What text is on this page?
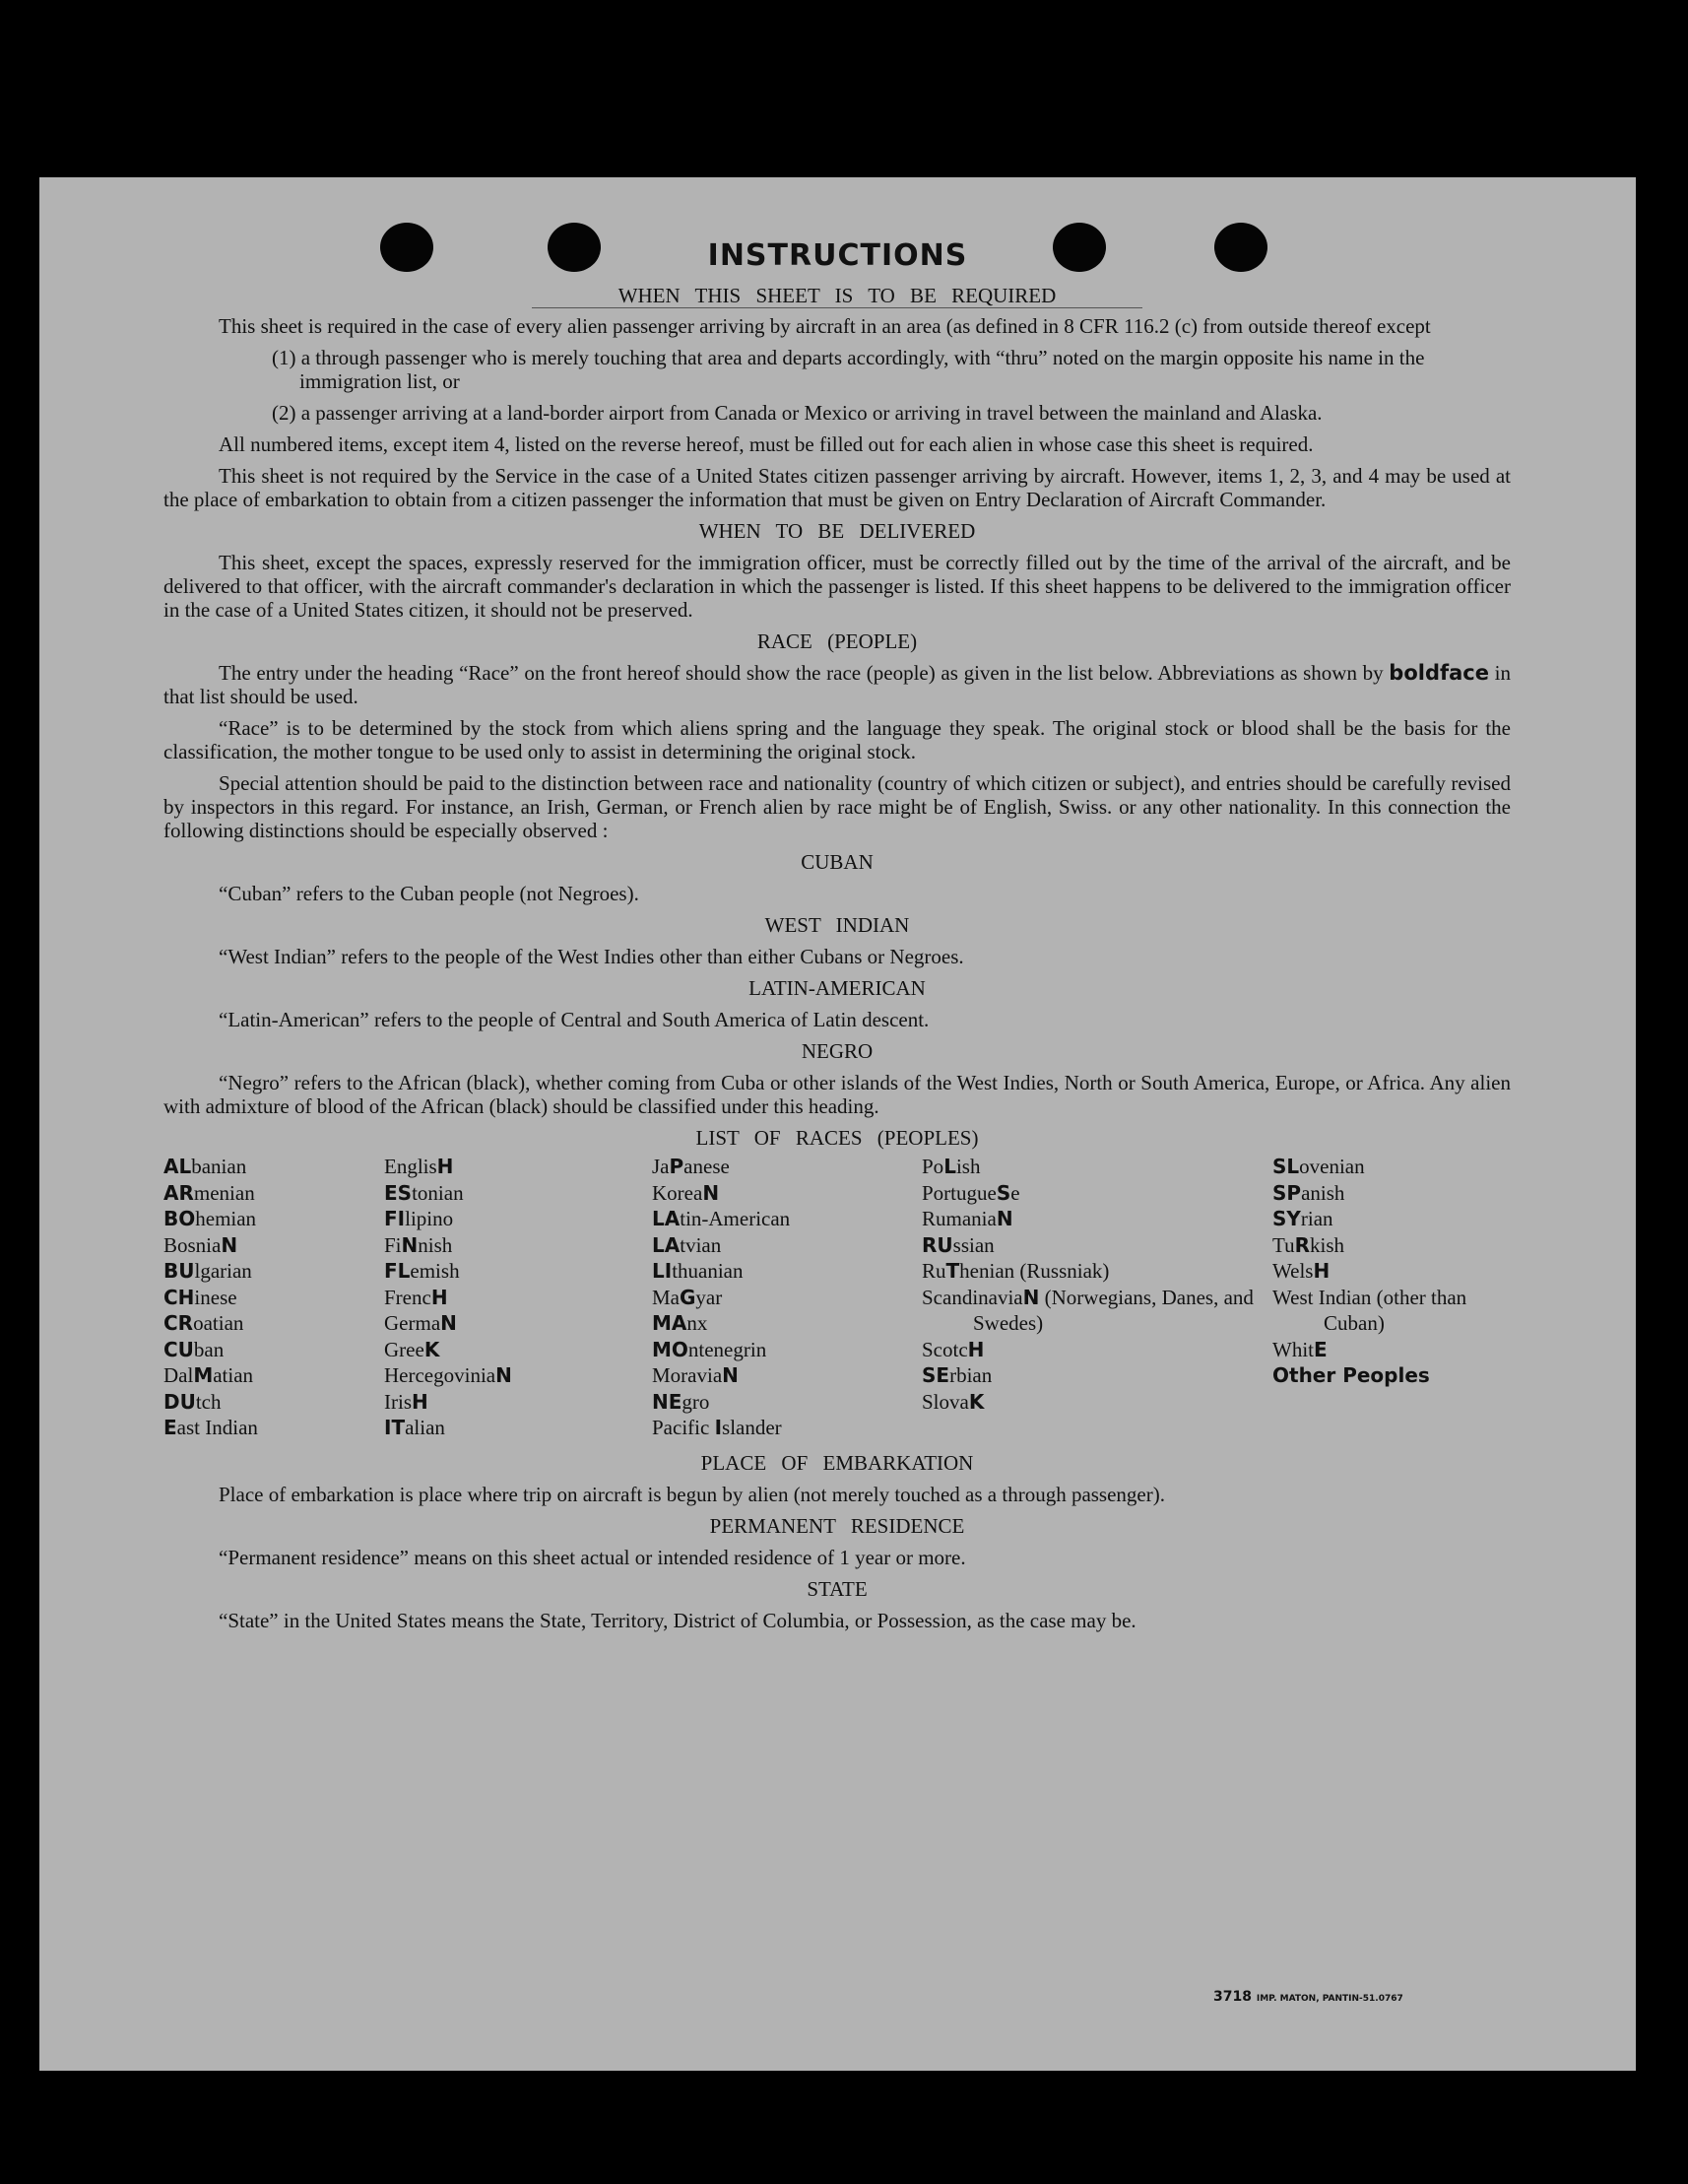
INSTRUCTIONS
WHEN THIS SHEET IS TO BE REQUIRED

This sheet is required in the case of every alien passenger arriving by aircraft in an area (as defined in 8 CFR 116.2 (c) from outside thereof except

(1) a through passenger who is merely touching that area and departs accordingly, with “thru” noted on the margin opposite his name in the immigration list, or
(2) a passenger arriving at a land-border airport from Canada or Mexico or arriving in travel between the mainland and Alaska.

All numbered items, except item 4, listed on the reverse hereof, must be filled out for each alien in whose case this sheet is required.

This sheet is not required by the Service in the case of a United States citizen passenger arriving by aircraft. However, items 1, 2, 3, and 4 may be used at the place of embarkation to obtain from a citizen passenger the information that must be given on Entry Declaration of Aircraft Commander.

WHEN TO BE DELIVERED

This sheet, except the spaces, expressly reserved for the immigration officer, must be correctly filled out by the time of the arrival of the aircraft, and be delivered to that officer, with the aircraft commander's declaration in which the passenger is listed. If this sheet happens to be delivered to the immigration officer in the case of a United States citizen, it should not be preserved.

RACE (PEOPLE)

The entry under the heading “Race” on the front hereof should show the race (people) as given in the list below. Abbreviations as shown by boldface in that list should be used.

“Race” is to be determined by the stock from which aliens spring and the language they speak. The original stock or blood shall be the basis for the classification, the mother tongue to be used only to assist in determining the original stock.

Special attention should be paid to the distinction between race and nationality (country of which citizen or subject), and entries should be carefully revised by inspectors in this regard. For instance, an Irish, German, or French alien by race might be of English, Swiss. or any other nationality. In this connection the following distinctions should be especially observed :

CUBAN

“Cuban” refers to the Cuban people (not Negroes).

WEST INDIAN

“West Indian” refers to the people of the West Indies other than either Cubans or Negroes.

LATIN-AMERICAN

“Latin-American” refers to the people of Central and South America of Latin descent.

NEGRO

“Negro” refers to the African (black), whether coming from Cuba or other islands of the West Indies, North or South America, Europe, or Africa. Any alien with admixture of blood of the African (black) should be classified under this heading.

LIST OF RACES (PEOPLES)
ALbanian
ARmenian
BOhemian
BosniaN
BUlgarian
CHinese
CRoatian
CUban
DalMatian
DUtch
East Indian
EnglisH
EStonian
FIlipino
FiNnish
FLemish
FrencH
GermaN
GreeK
HercegoviniaN
IrisH
ITalian
JaPanese
KoreaN
LAtin-American
LAtvian
LIthuanian
MaGyar
MAnx
MOntenegrin
MoraviaN
NEgro
Pacific Islander
PoLish
PortugueSe
RumaniaN
RUssian
RuThenian (Russniak)
ScandinaviaN (Norwegians, Danes, and Swedes)
ScotcH
SErbian
SlovaK
SLovenian
SPanish
SYrian
TuRkish
WelsH
West Indian (other than Cuban)
WhitE
Other Peoples
PLACE OF EMBARKATION

Place of embarkation is place where trip on aircraft is begun by alien (not merely touched as a through passenger).

PERMANENT RESIDENCE

“Permanent residence” means on this sheet actual or intended residence of 1 year or more.

STATE

“State” in the United States means the State, Territory, District of Columbia, or Possession, as the case may be.

3718 IMP. MATON, PANTIN-51.0767
